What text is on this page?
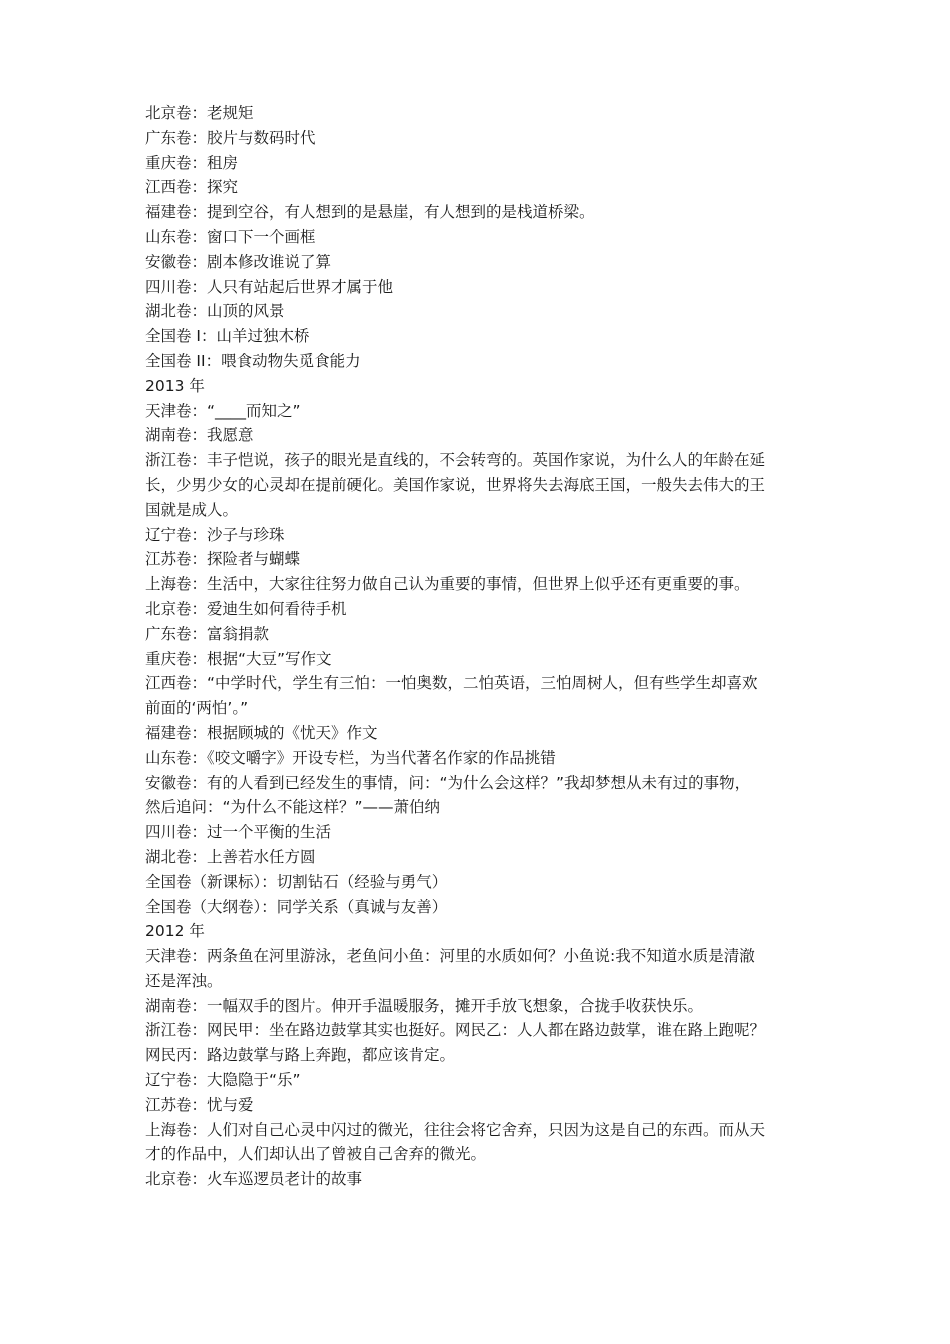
北京卷：老规矩
广东卷：胶片与数码时代
重庆卷：租房
江西卷：探究
福建卷：提到空谷，有人想到的是悬崖，有人想到的是栈道桥梁。
山东卷：窗口下一个画框
安徽卷：剧本修改谁说了算
四川卷：人只有站起后世界才属于他
湖北卷：山顶的风景
全国卷 I：山羊过独木桥
全国卷 II：喂食动物失觅食能力
2013 年
天津卷：“____而知之”
湖南卷：我愿意
浙江卷：丰子恺说，孩子的眼光是直线的，不会转弯的。英国作家说，为什么人的年龄在延
长，少男少女的心灵却在提前硬化。美国作家说，世界将失去海底王国，一般失去伟大的王
国就是成人。
辽宁卷：沙子与珍珠
江苏卷：探险者与蝴蝶
上海卷：生活中，大家往往努力做自己认为重要的事情，但世界上似乎还有更重要的事。
北京卷：爱迪生如何看待手机
广东卷：富翁捐款
重庆卷：根据“大豆”写作文
江西卷：“中学时代，学生有三怕：一怕奥数，二怕英语，三怕周树人，但有些学生却喜欢
前面的‘两怕’。”
福建卷：根据顾城的《忧天》作文
山东卷：《咬文嚼字》开设专栏，为当代著名作家的作品挑错
安徽卷：有的人看到已经发生的事情，问：“为什么会这样？”我却梦想从未有过的事物，
然后追问：“为什么不能这样？”——萧伯纳
四川卷：过一个平衡的生活
湖北卷：上善若水任方圆
全国卷（新课标）：切割钻石（经验与勇气）
全国卷（大纲卷）：同学关系（真诚与友善）
2012 年
天津卷：两条鱼在河里游泳，老鱼问小鱼：河里的水质如何？小鱼说:我不知道水质是清澈
还是浑浊。
湖南卷：一幅双手的图片。伸开手温暖服务，摊开手放飞想象，合拢手收获快乐。
浙江卷：网民甲：坐在路边鼓掌其实也挺好。网民乙：人人都在路边鼓掌，谁在路上跑呢？
网民丙：路边鼓掌与路上奔跑，都应该肯定。
辽宁卷：大隐隐于“乐”
江苏卷：忧与爱
上海卷：人们对自己心灵中闪过的微光，往往会将它舍弃，只因为这是自己的东西。而从天
才的作品中，人们却认出了曾被自己舍弃的微光。
北京卷：火车巡逻员老计的故事
